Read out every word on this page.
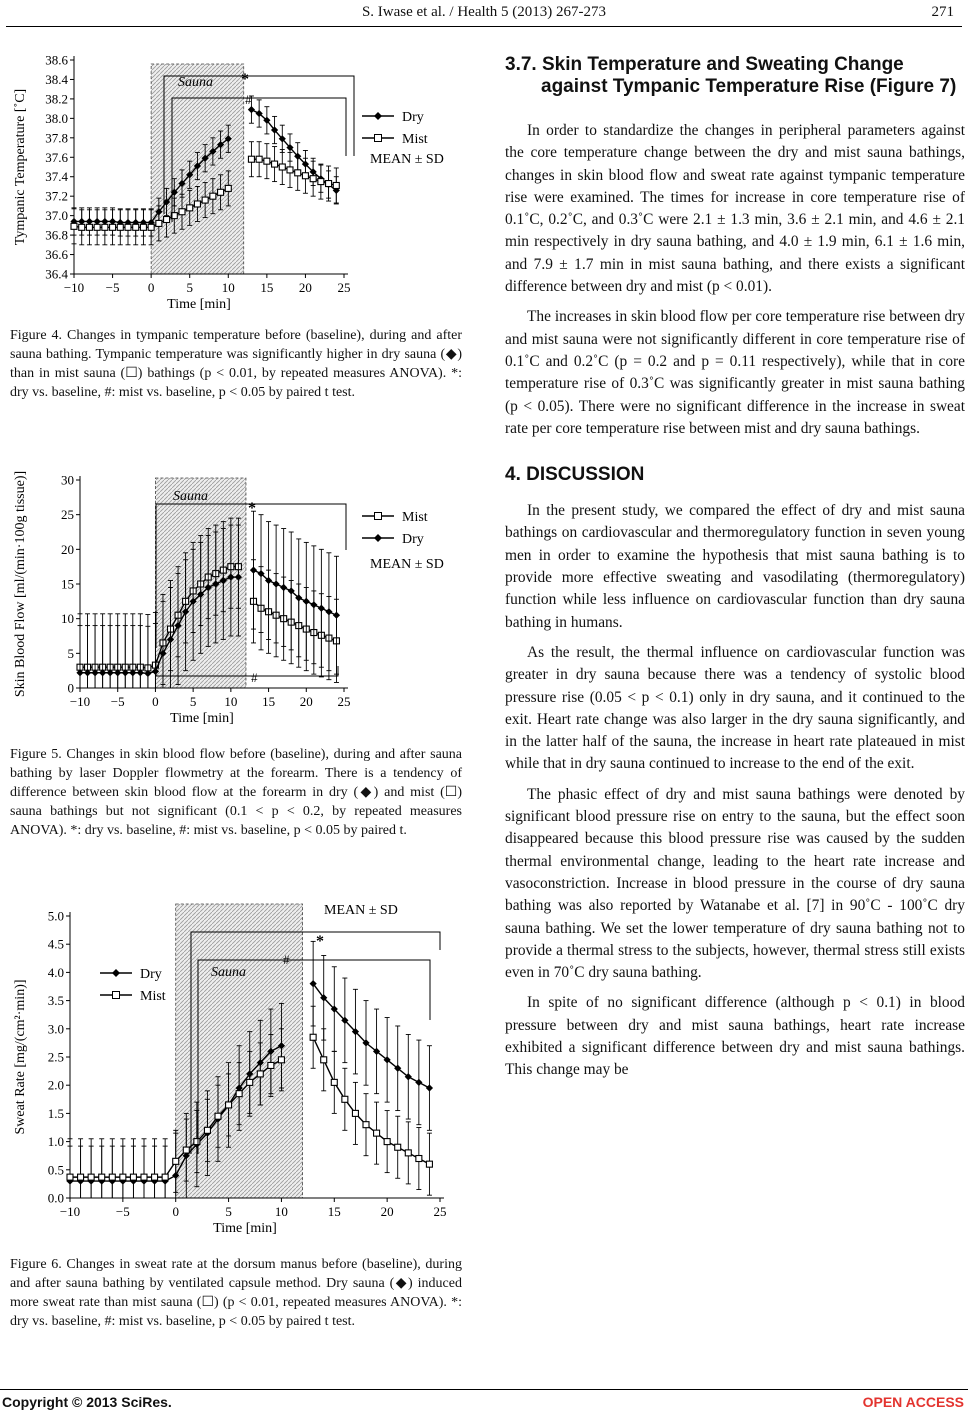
S. Iwase et al. / Health 5 (2013) 267-273	271
Sauna
36.4
36.6
36.8
37.0
37.2
37.4
37.6
37.8
38.0
38.2
38.4
38.6
−10 −5 0 5 10 15 20 25
Time [min]
Tympanic Temperature [˚C]
*
#
Dry
Mist
MEAN ± SD
Figure 4. Changes in tympanic temperature before (baseline), during and after sauna bathing. Tympanic temperature was significantly higher in dry sauna (◆) than in mist sauna (☐) bathings (p < 0.01, by repeated measures ANOVA). *: dry vs. baseline, #: mist vs. baseline, p < 0.05 by paired t test.
Sauna
0
5
10
15
20
25
30
−10 −5 0 5 10 15 20 25
Time [min]
Skin Blood Flow [ml/(min·100g tissue)]	*
#
Mist
Dry
MEAN ± SD
Figure 5. Changes in skin blood flow before (baseline), during and after sauna bathing by laser Doppler flowmetry at the forearm. There is a tendency of difference between skin blood flow at the forearm in dry (◆) and mist (☐) sauna bathings but not significant (0.1 < p < 0.2, by repeated measures ANOVA). *: dry vs. baseline, #: mist vs. baseline, p < 0.05 by paired t.
Sauna
0.0
0.5
1.0
1.5
2.0
2.5
3.0
3.5
4.0
4.5
5.0
−10	−5	0	5	10	15	20	25
Time [min]
Sweat Rate [mg/(cm²·min)]
*
#
Dry
Mist
MEAN ± SD
Figure 6. Changes in sweat rate at the dorsum manus before (baseline), during and after sauna bathing by ventilated capsule method. Dry sauna (◆) induced more sweat rate than mist sauna (☐) (p < 0.01, repeated measures ANOVA). *: dry vs. baseline, #: mist vs. baseline, p < 0.05 by paired t test.
3.7. Skin Temperature and Sweating Change against Tympanic Temperature Rise (Figure 7)

In order to standardize the changes in peripheral parameters against the core temperature change between the dry and mist sauna bathings, changes in skin blood flow and sweat rate against tympanic temperature rise were examined. The times for increase in core temperature rise of 0.1˚C, 0.2˚C, and 0.3˚C were 2.1 ± 1.3 min, 3.6 ± 2.1 min, and 4.6 ± 2.1 min respectively in dry sauna bathing, and 4.0 ± 1.9 min, 6.1 ± 1.6 min, and 7.9 ± 1.7 min in mist sauna bathing, and there exists a significant difference between dry and mist (p < 0.01).

The increases in skin blood flow per core temperature rise between dry and mist sauna were not significantly different in core temperature rise of 0.1˚C and 0.2˚C (p = 0.2 and p = 0.11 respectively), while that in core temperature rise of 0.3˚C was significantly greater in mist sauna bathing (p < 0.05). There were no significant difference in the increase in sweat rate per core temperature rise between mist and dry sauna bathings.

4. DISCUSSION

In the present study, we compared the effect of dry and mist sauna bathings on cardiovascular and thermoregulatory function in seven young men in order to examine the hypothesis that mist sauna bathing is to provide more effective sweating and vasodilating (thermoregulatory) function while less influence on cardiovascular function than dry sauna bathing in humans.

As the result, the thermal influence on cardiovascular function was greater in dry sauna because there was a tendency of systolic blood pressure rise (0.05 < p < 0.1) only in dry sauna, and it continued to the exit. Heart rate change was also larger in the dry sauna significantly, and in the latter half of the sauna, the increase in heart rate plateaued in mist while that in dry sauna continued to increase to the end of the exit.

The phasic effect of dry and mist sauna bathings were denoted by significant blood pressure rise on entry to the sauna, but the effect soon disappeared because this blood pressure rise was caused by the sudden thermal environmental change, leading to the heart rate increase and vasoconstriction. Increase in blood pressure in the course of dry sauna bathing was also reported by Watanabe et al. [7] in 90˚C - 100˚C dry sauna bathing. We set the lower temperature of dry sauna bathing not to provide a thermal stress to the subjects, however, thermal stress still exists even in 70˚C dry sauna bathing.

In spite of no significant difference (although p < 0.1) in blood pressure between dry and mist sauna bathings, heart rate increase exhibited a significant difference between dry and mist sauna bathings. This change may be

Copyright © 2013 SciRes.	OPEN ACCESS
